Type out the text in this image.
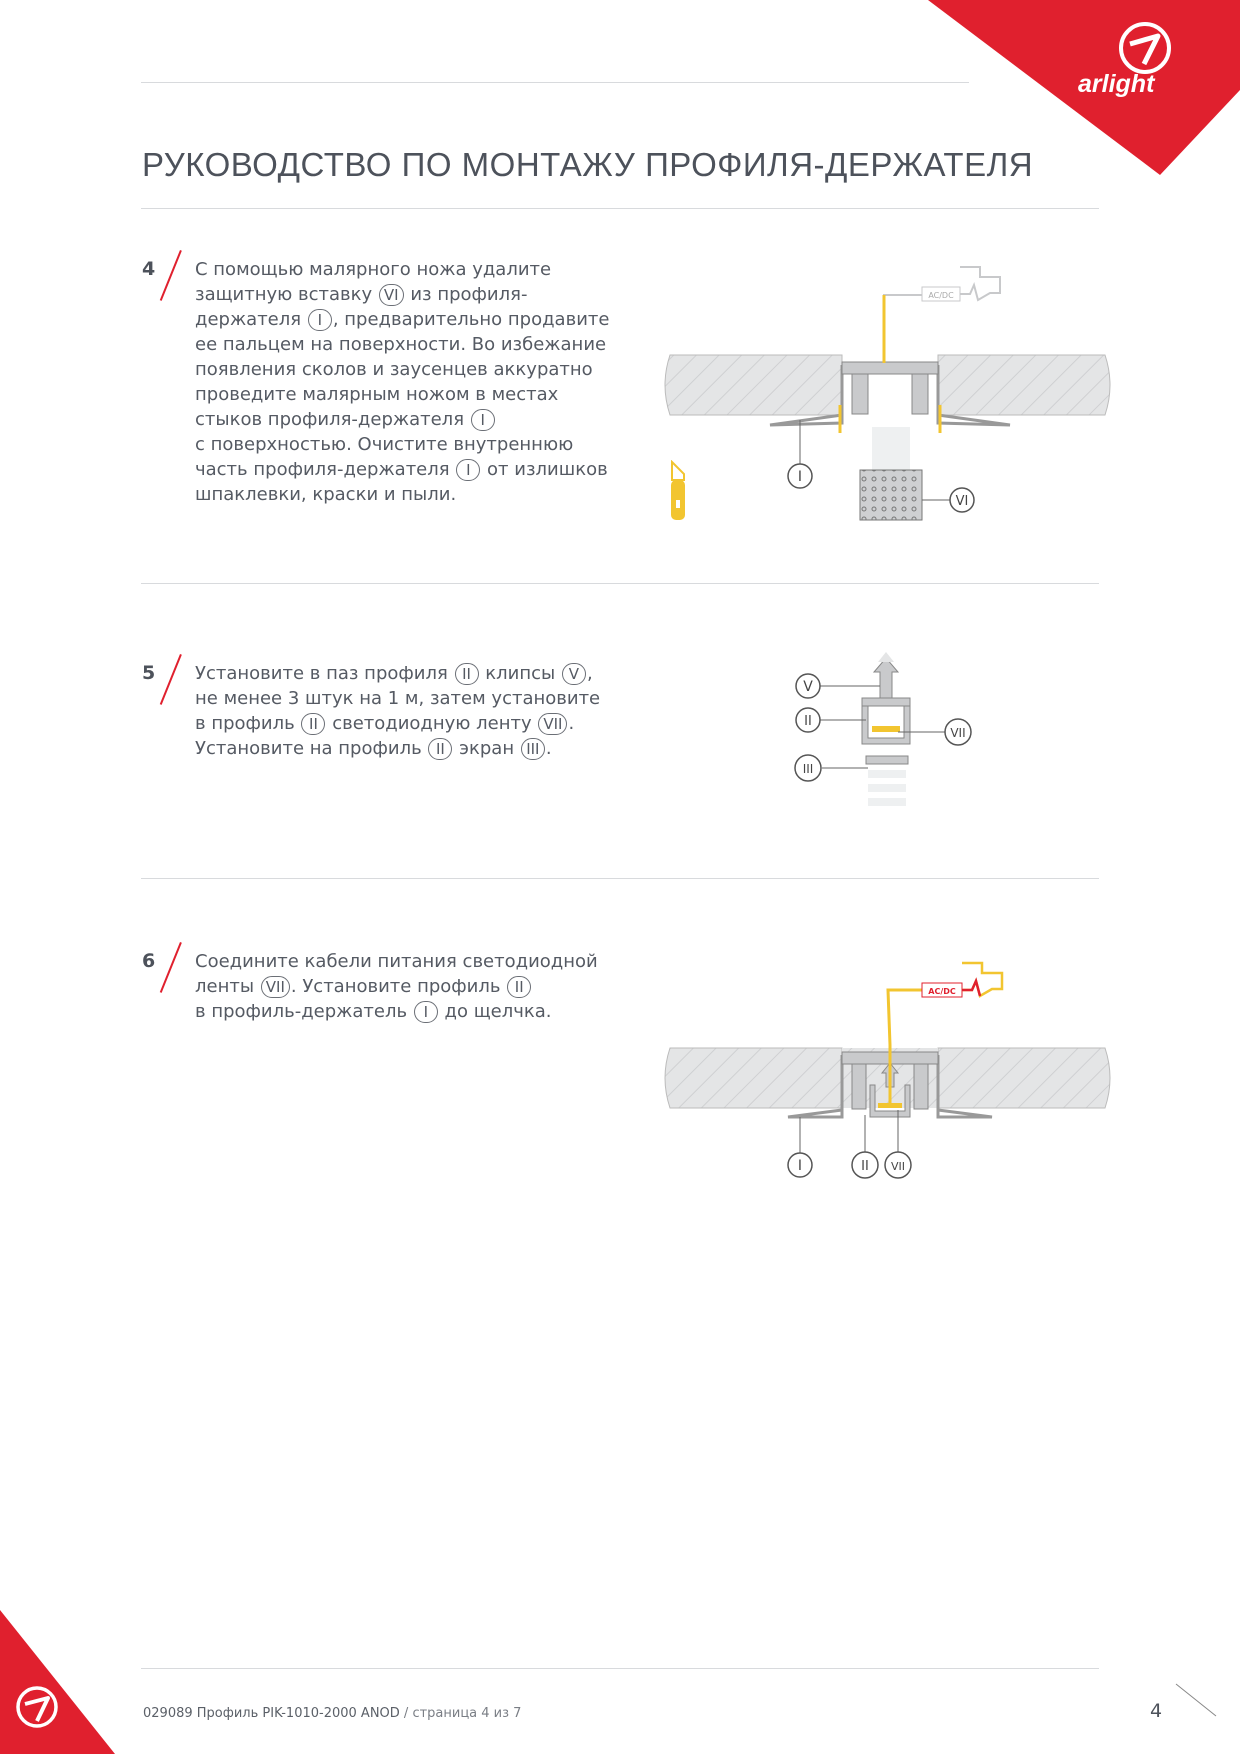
arlight
РУКОВОДСТВО ПО МОНТАЖУ ПРОФИЛЯ-ДЕРЖАТЕЛЯ
4 С помощью малярного ножа удалите
защитную вставку VI из профиля-
держателя I , предварительно продавите
ее пальцем на поверхности. Во избежание
появления сколов и заусенцев аккуратно
проведите малярным ножом в местах
стыков профиля-держателя I
с поверхностью. Очистите внутреннюю
часть профиля-держателя I от излишков
шпаклевки, краски и пыли.
AC/DC
I
VI
5 Установите в паз профиля II клипсы V ,
не менее 3 штук на 1 м, затем установите
в профиль II светодиодную ленту VII .
Установите на профиль II экран III .
V
II
VII
III
6 Соедините кабели питания светодиодной
ленты VII . Установите профиль II
в профиль-держатель I до щелчка.
AC/DC
I	II VII
029089 Профиль PIK-1010-2000 ANOD / страница 4 из 7	4
